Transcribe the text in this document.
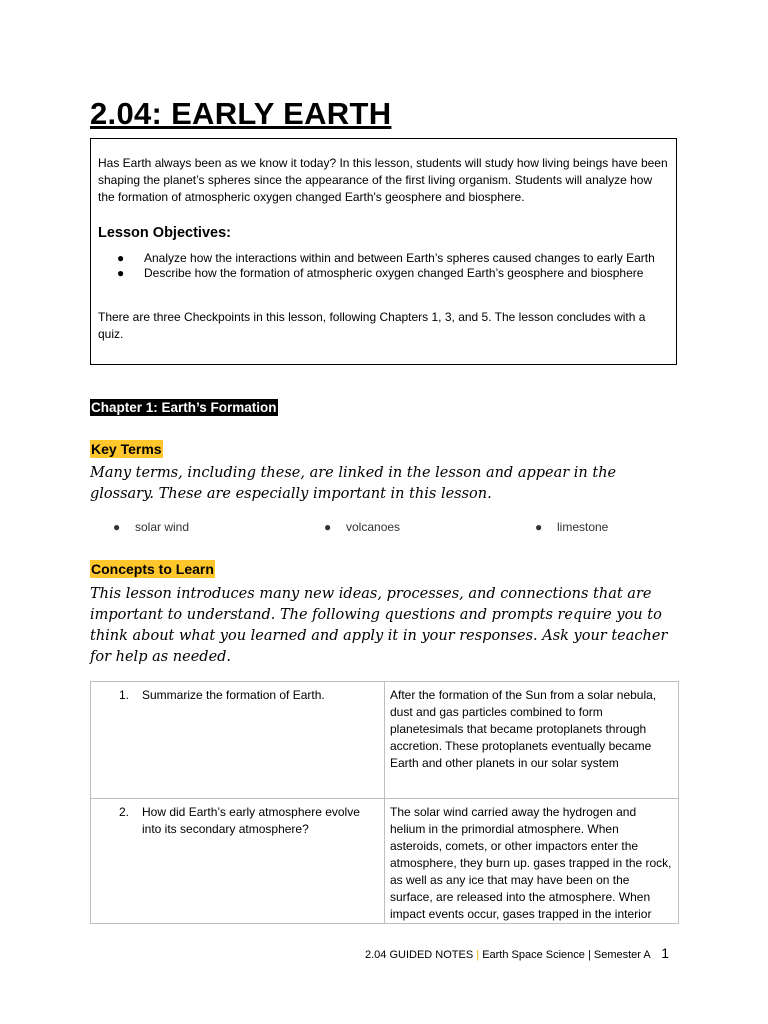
2.04: EARLY EARTH

Has Earth always been as we know it today? In this lesson, students will study how living beings have been shaping the planet’s spheres since the appearance of the first living organism. Students will analyze how the formation of atmospheric oxygen changed Earth's geosphere and biosphere.

Lesson Objectives:

● Analyze how the interactions within and between Earth’s spheres caused changes to early Earth
● Describe how the formation of atmospheric oxygen changed Earth’s geosphere and biosphere

There are three Checkpoints in this lesson, following Chapters 1, 3, and 5. The lesson concludes with a quiz.

Chapter 1: Earth’s Formation
Key Terms

Many terms, including these, are linked in the lesson and appear in the glossary. These are especially important in this lesson.

● solar wind	● volcanoes	● limestone
Concepts to Learn

This lesson introduces many new ideas, processes, and connections that are important to understand. The following questions and prompts require you to think about what you learned and apply it in your responses. Ask your teacher for help as needed.

1. Summarize the formation of Earth.	After the formation of the Sun from a solar nebula, dust and gas particles combined to form planetesimals that became protoplanets through accretion. These protoplanets eventually became Earth and other planets in our solar system

2. How did Earth’s early atmosphere evolve into its secondary atmosphere?	The solar wind carried away the hydrogen and helium in the primordial atmosphere. When asteroids, comets, or other impactors enter the atmosphere, they burn up. gases trapped in the rock, as well as any ice that may have been on the surface, are released into the atmosphere. When impact events occur, gases trapped in the interior
2.04 GUIDED NOTES | Earth Space Science | Semester A 1
